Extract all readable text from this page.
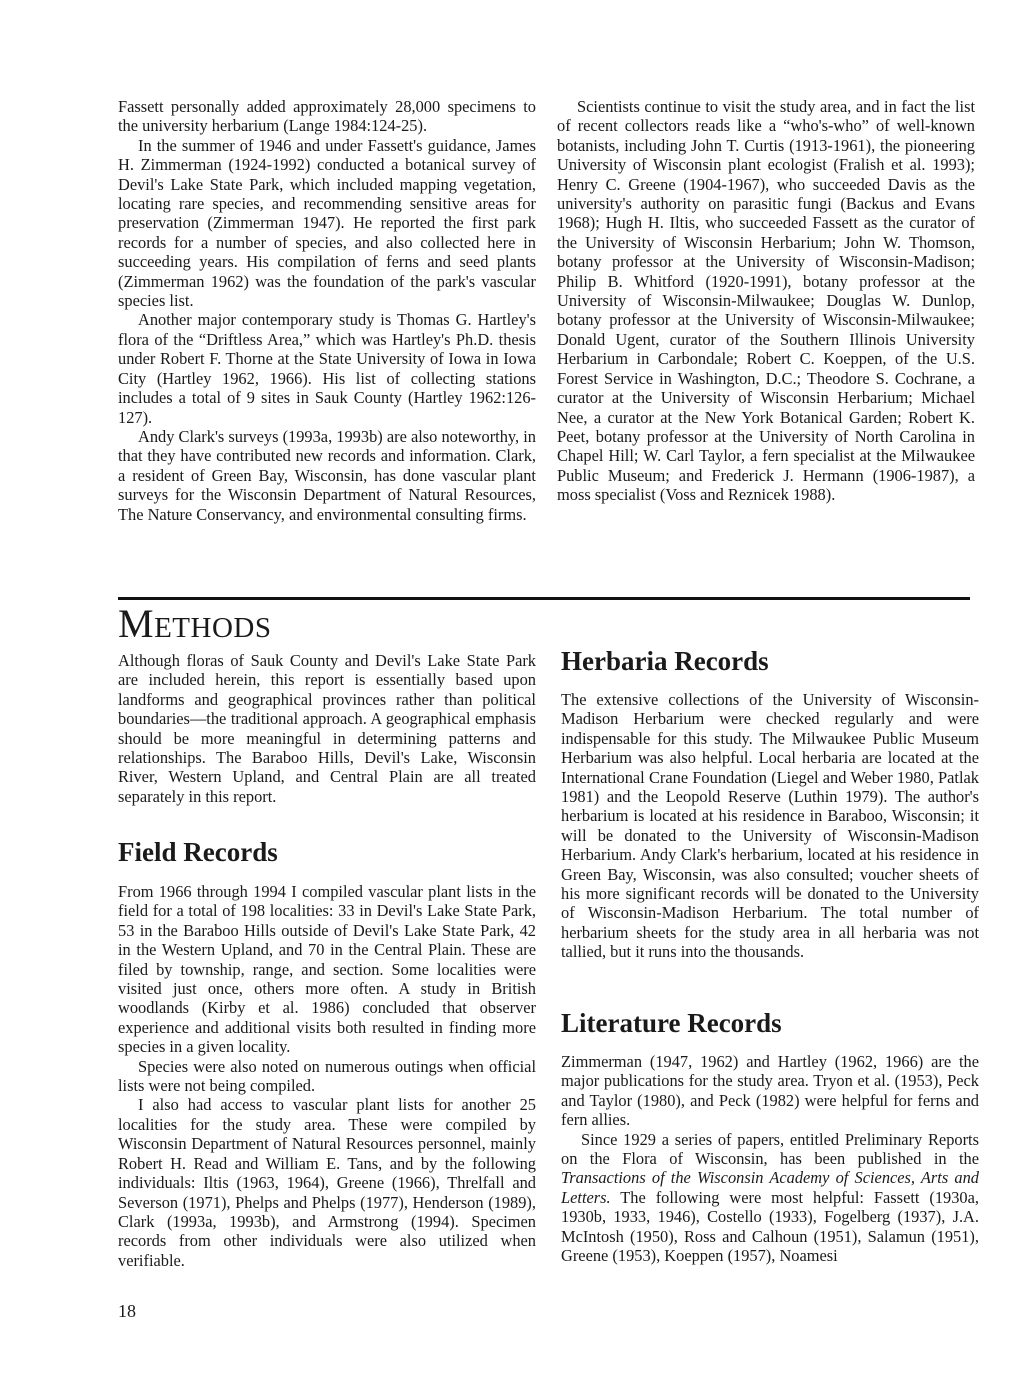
Fassett personally added approximately 28,000 specimens to the university herbarium (Lange 1984:124-25).

In the summer of 1946 and under Fassett's guidance, James H. Zimmerman (1924-1992) conducted a botanical survey of Devil's Lake State Park, which included mapping vegetation, locating rare species, and recommending sensitive areas for preservation (Zimmerman 1947). He reported the first park records for a number of species, and also collected here in succeeding years. His compilation of ferns and seed plants (Zimmerman 1962) was the foundation of the park's vascular species list.

Another major contemporary study is Thomas G. Hartley's flora of the “Driftless Area,” which was Hartley's Ph.D. thesis under Robert F. Thorne at the State University of Iowa in Iowa City (Hartley 1962, 1966). His list of collecting stations includes a total of 9 sites in Sauk County (Hartley 1962:126-127).

Andy Clark's surveys (1993a, 1993b) are also noteworthy, in that they have contributed new records and information. Clark, a resident of Green Bay, Wisconsin, has done vascular plant surveys for the Wisconsin Department of Natural Resources, The Nature Conservancy, and environmental consulting firms.

Scientists continue to visit the study area, and in fact the list of recent collectors reads like a “who's-who” of well-known botanists, including John T. Curtis (1913-1961), the pioneering University of Wisconsin plant ecologist (Fralish et al. 1993); Henry C. Greene (1904-1967), who succeeded Davis as the university's authority on parasitic fungi (Backus and Evans 1968); Hugh H. Iltis, who succeeded Fassett as the curator of the University of Wisconsin Herbarium; John W. Thomson, botany professor at the University of Wisconsin-Madison; Philip B. Whitford (1920-1991), botany professor at the University of Wisconsin-Milwaukee; Douglas W. Dunlop, botany professor at the University of Wisconsin-Milwaukee; Donald Ugent, curator of the Southern Illinois University Herbarium in Carbondale; Robert C. Koeppen, of the U.S. Forest Service in Washington, D.C.; Theodore S. Cochrane, a curator at the University of Wisconsin Herbarium; Michael Nee, a curator at the New York Botanical Garden; Robert K. Peet, botany professor at the University of North Carolina in Chapel Hill; W. Carl Taylor, a fern specialist at the Milwaukee Public Museum; and Frederick J. Hermann (1906-1987), a moss specialist (Voss and Reznicek 1988).

METHODS

Although floras of Sauk County and Devil's Lake State Park are included herein, this report is essentially based upon landforms and geographical provinces rather than political boundaries—the traditional approach. A geographical emphasis should be more meaningful in determining patterns and relationships. The Baraboo Hills, Devil's Lake, Wisconsin River, Western Upland, and Central Plain are all treated separately in this report.

Field Records

From 1966 through 1994 I compiled vascular plant lists in the field for a total of 198 localities: 33 in Devil's Lake State Park, 53 in the Baraboo Hills outside of Devil's Lake State Park, 42 in the Western Upland, and 70 in the Central Plain. These are filed by township, range, and section. Some localities were visited just once, others more often. A study in British woodlands (Kirby et al. 1986) concluded that observer experience and additional visits both resulted in finding more species in a given locality.

Species were also noted on numerous outings when official lists were not being compiled.

I also had access to vascular plant lists for another 25 localities for the study area. These were compiled by Wisconsin Department of Natural Resources personnel, mainly Robert H. Read and William E. Tans, and by the following individuals: Iltis (1963, 1964), Greene (1966), Threlfall and Severson (1971), Phelps and Phelps (1977), Henderson (1989), Clark (1993a, 1993b), and Armstrong (1994). Specimen records from other individuals were also utilized when verifiable.

Herbaria Records

The extensive collections of the University of Wisconsin-Madison Herbarium were checked regularly and were indispensable for this study. The Milwaukee Public Museum Herbarium was also helpful. Local herbaria are located at the International Crane Foundation (Liegel and Weber 1980, Patlak 1981) and the Leopold Reserve (Luthin 1979). The author's herbarium is located at his residence in Baraboo, Wisconsin; it will be donated to the University of Wisconsin-Madison Herbarium. Andy Clark's herbarium, located at his residence in Green Bay, Wisconsin, was also consulted; voucher sheets of his more significant records will be donated to the University of Wisconsin-Madison Herbarium. The total number of herbarium sheets for the study area in all herbaria was not tallied, but it runs into the thousands.

Literature Records

Zimmerman (1947, 1962) and Hartley (1962, 1966) are the major publications for the study area. Tryon et al. (1953), Peck and Taylor (1980), and Peck (1982) were helpful for ferns and fern allies.

Since 1929 a series of papers, entitled Preliminary Reports on the Flora of Wisconsin, has been published in the Transactions of the Wisconsin Academy of Sciences, Arts and Letters. The following were most helpful: Fassett (1930a, 1930b, 1933, 1946), Costello (1933), Fogelberg (1937), J.A. McIntosh (1950), Ross and Calhoun (1951), Salamun (1951), Greene (1953), Koeppen (1957), Noamesi

18
